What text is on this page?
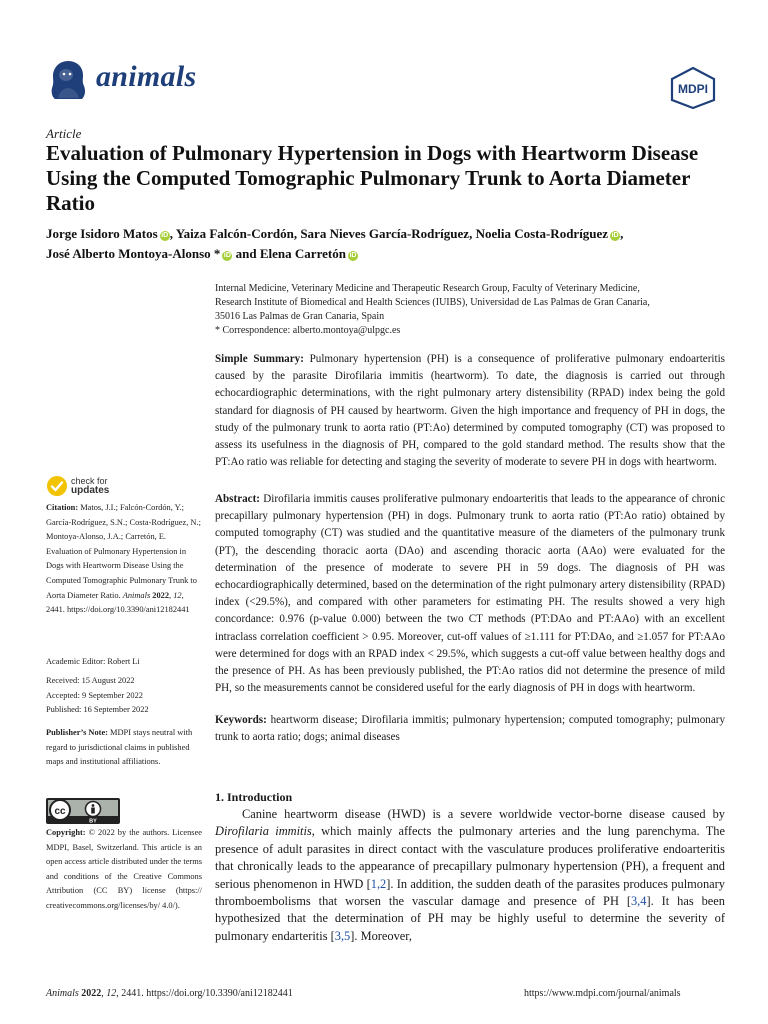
animals	MDPI
Article
Evaluation of Pulmonary Hypertension in Dogs with Heartworm Disease Using the Computed Tomographic Pulmonary Trunk to Aorta Diameter Ratio
Jorge Isidoro Matos iD , Yaiza Falcón-Cordón, Sara Nieves García-Rodríguez, Noelia Costa-Rodríguez iD ,
José Alberto Montoya-Alonso * iD and Elena Carretón iD
Internal Medicine, Veterinary Medicine and Therapeutic Research Group, Faculty of Veterinary Medicine,
Research Institute of Biomedical and Health Sciences (IUIBS), Universidad de Las Palmas de Gran Canaria,
35016 Las Palmas de Gran Canaria, Spain
* Correspondence: alberto.montoya@ulpgc.es
Simple Summary: Pulmonary hypertension (PH) is a consequence of proliferative pulmonary endoarteritis caused by the parasite Dirofilaria immitis (heartworm). To date, the diagnosis is carried out through echocardiographic determinations, with the right pulmonary artery distensibility (RPAD) index being the gold standard for diagnosis of PH caused by heartworm. Given the high importance and frequency of PH in dogs, the study of the pulmonary trunk to aorta ratio (PT:Ao) determined by computed tomography (CT) was proposed to assess its usefulness in the diagnosis of PH, compared to the gold standard method. The results show that the PT:Ao ratio was reliable for detecting and staging the severity of moderate to severe PH in dogs with heartworm.
Abstract: Dirofilaria immitis causes proliferative pulmonary endoarteritis that leads to the appearance of chronic precapillary pulmonary hypertension (PH) in dogs. Pulmonary trunk to aorta ratio (PT:Ao ratio) obtained by computed tomography (CT) was studied and the quantitative measure of the diameters of the pulmonary trunk (PT), the descending thoracic aorta (DAo) and ascending thoracic aorta (AAo) were evaluated for the determination of the presence of moderate to severe PH in 59 dogs. The diagnosis of PH was echocardiographically determined, based on the determination of the right pulmonary artery distensibility (RPAD) index (<29.5%), and compared with other parameters for estimating PH. The results showed a very high concordance: 0.976 (p-value 0.000) between the two CT methods (PT:DAo and PT:AAo) with an excellent intraclass correlation coefficient > 0.95. Moreover, cut-off values of ≥1.111 for PT:DAo, and ≥1.057 for PT:AAo were determined for dogs with an RPAD index < 29.5%, which suggests a cut-off value between healthy dogs and the presence of PH. As has been previously published, the PT:Ao ratios did not determine the presence of mild PH, so the measurements cannot be considered useful for the early diagnosis of PH in dogs with heartworm.
Keywords: heartworm disease; Dirofilaria immitis; pulmonary hypertension; computed tomography; pulmonary trunk to aorta ratio; dogs; animal diseases
1. Introduction
Canine heartworm disease (HWD) is a severe worldwide vector-borne disease caused by Dirofilaria immitis, which mainly affects the pulmonary arteries and the lung parenchyma. The presence of adult parasites in direct contact with the vasculature produces proliferative endoarteritis that chronically leads to the appearance of precapillary pulmonary hypertension (PH), a frequent and serious phenomenon in HWD [1,2]. In addition, the sudden death of the parasites produces pulmonary thromboembolisms that worsen the vascular damage and presence of PH [3,4]. It has been hypothesized that the determination of PH may be highly useful to determine the severity of pulmonary endarteritis [3,5]. Moreover,
check for
updates
Citation: Matos, J.I.; Falcón-Cordón, Y.; García-Rodríguez, S.N.; Costa-Rodríguez, N.; Montoya-Alonso, J.A.; Carretón, E. Evaluation of Pulmonary Hypertension in Dogs with Heartworm Disease Using the Computed Tomographic Pulmonary Trunk to Aorta Diameter Ratio. Animals 2022, 12, 2441. https://doi.org/10.3390/ani12182441
Academic Editor: Robert Li
Received: 15 August 2022
Accepted: 9 September 2022
Published: 16 September 2022
Publisher’s Note: MDPI stays neutral with regard to jurisdictional claims in published maps and institutional affiliations.
cc
BY
Copyright: © 2022 by the authors. Licensee MDPI, Basel, Switzerland. This article is an open access article distributed under the terms and conditions of the Creative Commons Attribution (CC BY) license (https:// creativecommons.org/licenses/by/ 4.0/).
Animals 2022, 12, 2441. https://doi.org/10.3390/ani12182441	https://www.mdpi.com/journal/animals
